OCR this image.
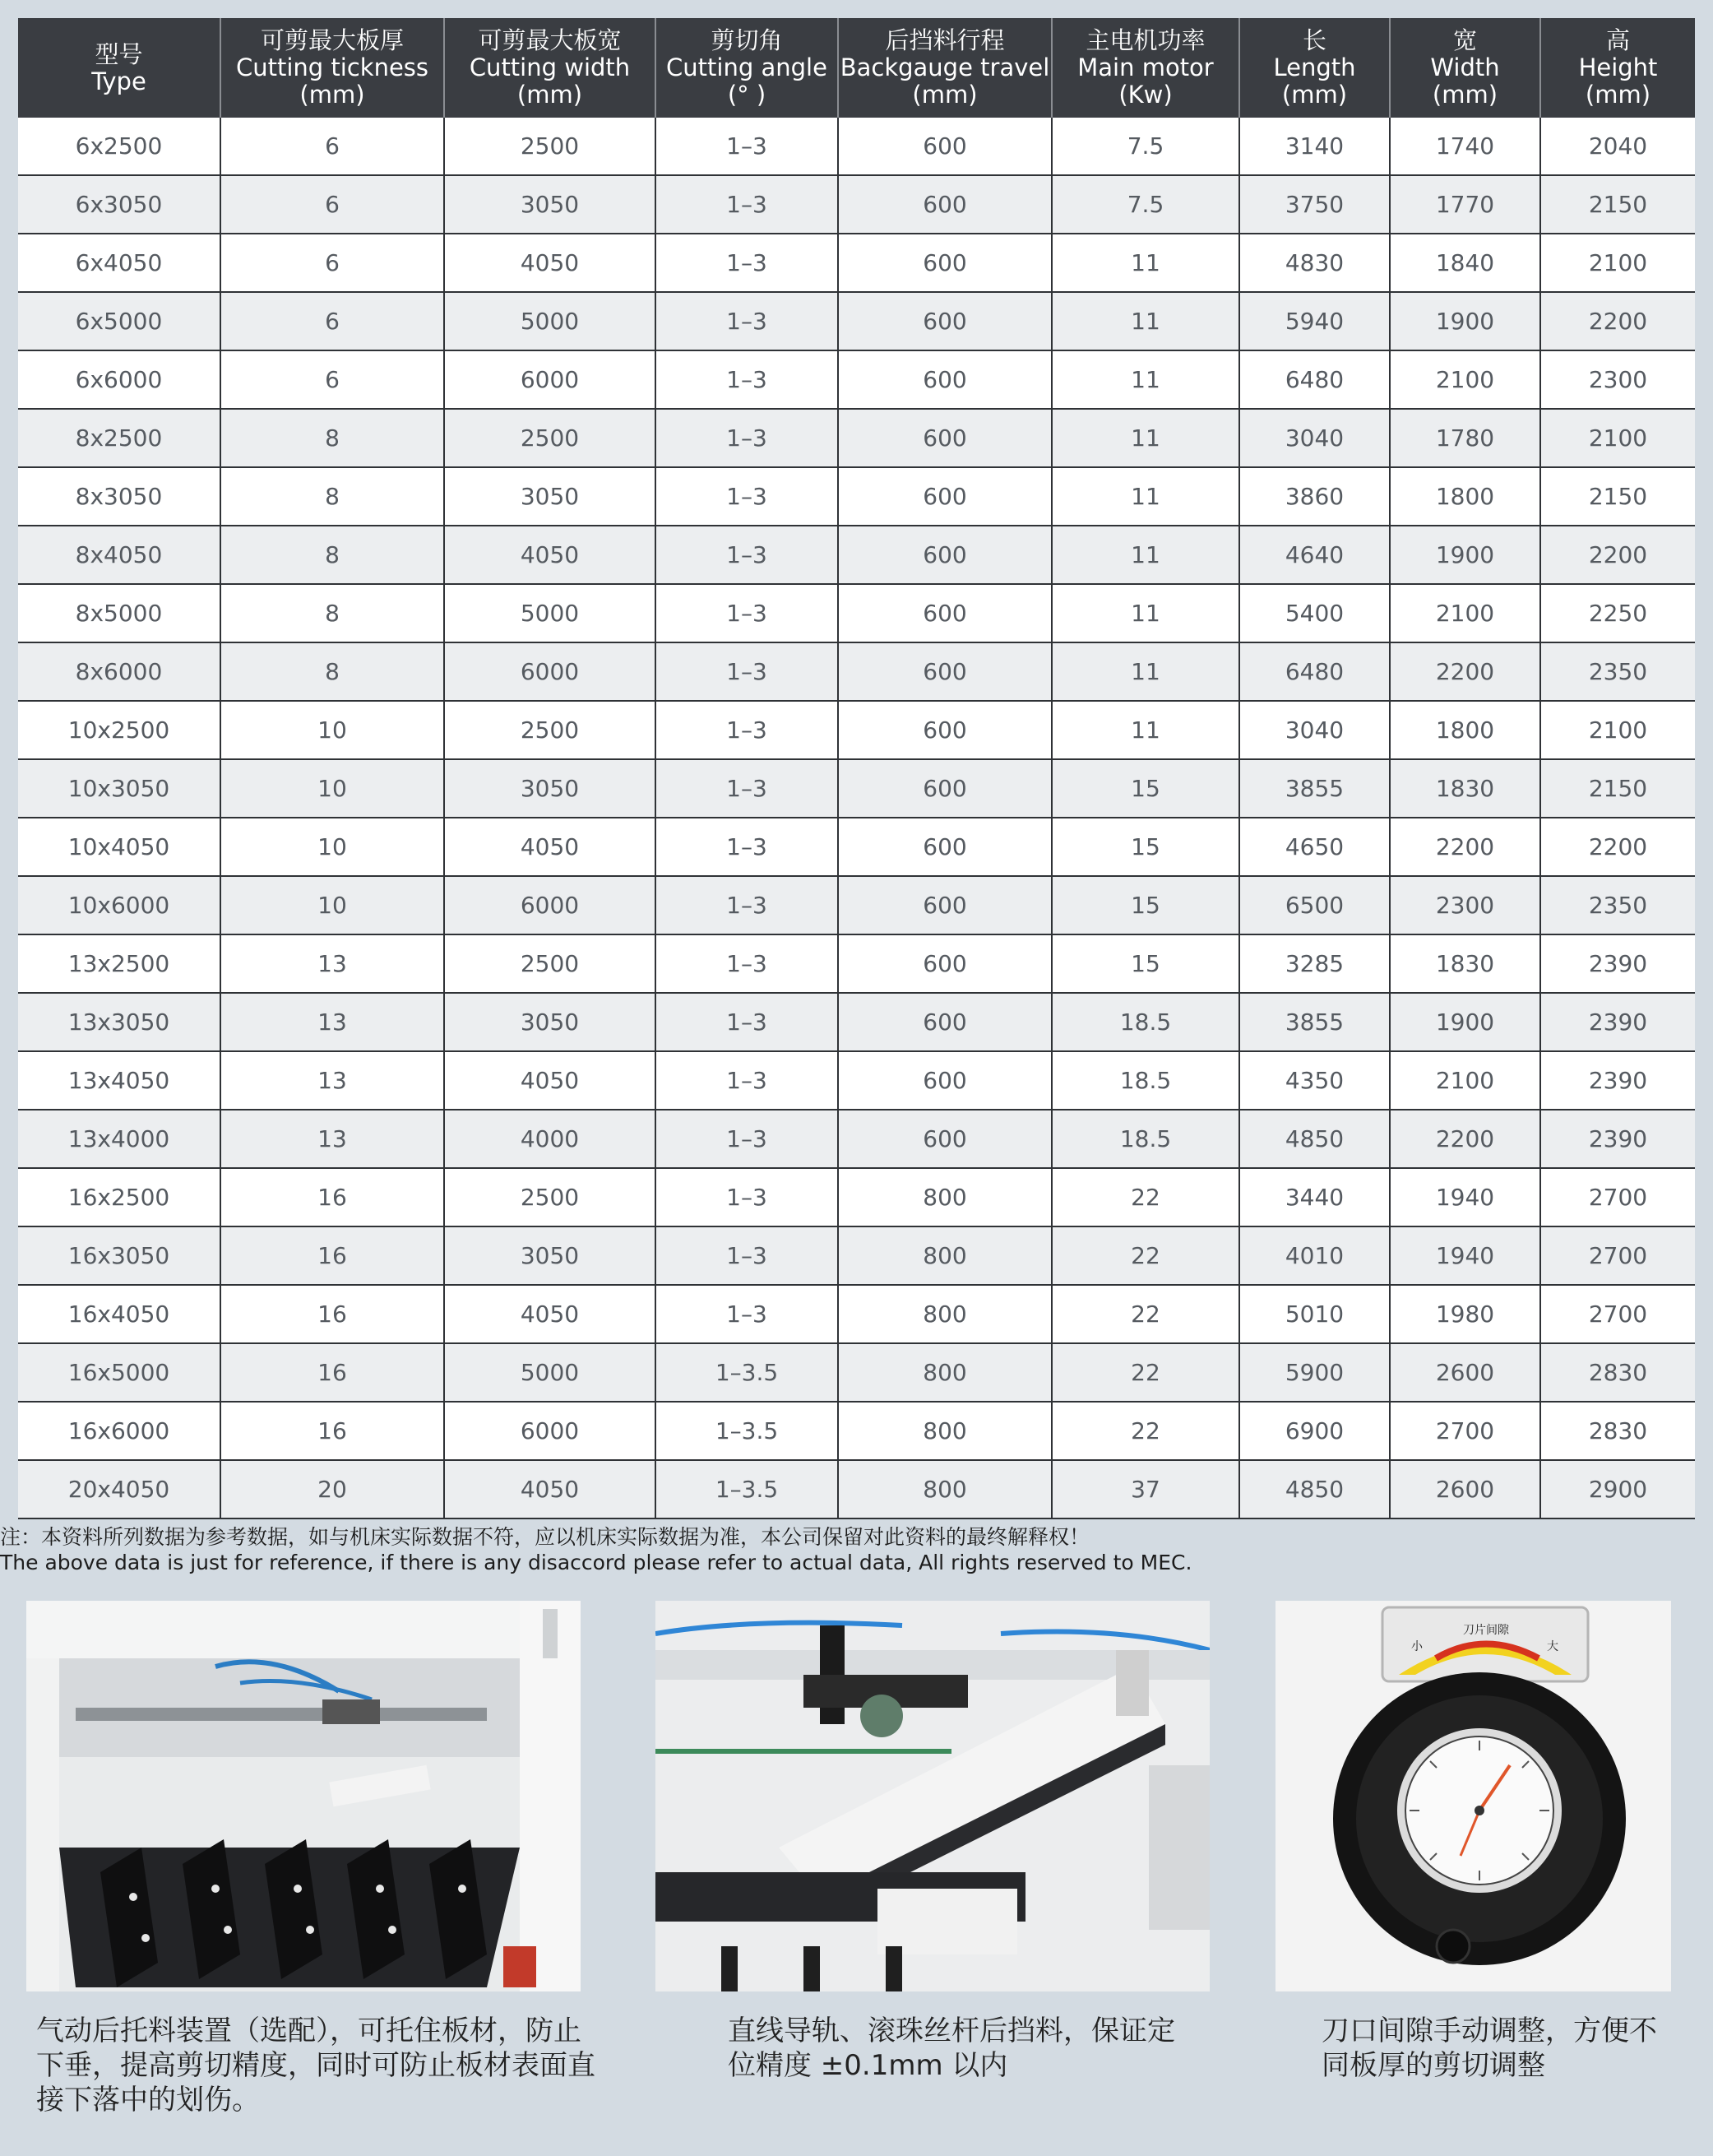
型号
Type	可剪最大板厚
Cutting tickness
(mm)	可剪最大板宽
Cutting width
(mm)	剪切角
Cutting angle
(° )	后挡料行程
Backgauge travel
(mm)	主电机功率
Main motor
(Kw)	长
Length
(mm)	宽
Width
(mm)	高
Height
(mm)

6x2500	6	2500	1–3	600	7.5	3140	1740	2040
6x3050	6	3050	1–3	600	7.5	3750	1770	2150
6x4050	6	4050	1–3	600	11	4830	1840	2100
6x5000	6	5000	1–3	600	11	5940	1900	2200
6x6000	6	6000	1–3	600	11	6480	2100	2300
8x2500	8	2500	1–3	600	11	3040	1780	2100
8x3050	8	3050	1–3	600	11	3860	1800	2150
8x4050	8	4050	1–3	600	11	4640	1900	2200
8x5000	8	5000	1–3	600	11	5400	2100	2250
8x6000	8	6000	1–3	600	11	6480	2200	2350
10x2500	10	2500	1–3	600	11	3040	1800	2100
10x3050	10	3050	1–3	600	15	3855	1830	2150
10x4050	10	4050	1–3	600	15	4650	2200	2200
10x6000	10	6000	1–3	600	15	6500	2300	2350
13x2500	13	2500	1–3	600	15	3285	1830	2390
13x3050	13	3050	1–3	600	18.5	3855	1900	2390
13x4050	13	4050	1–3	600	18.5	4350	2100	2390
13x4000	13	4000	1–3	600	18.5	4850	2200	2390
16x2500	16	2500	1–3	800	22	3440	1940	2700
16x3050	16	3050	1–3	800	22	4010	1940	2700
16x4050	16	4050	1–3	800	22	5010	1980	2700
16x5000	16	5000	1–3.5	800	22	5900	2600	2830
16x6000	16	6000	1–3.5	800	22	6900	2700	2830
20x4050	20	4050	1–3.5	800	37	4850	2600	2900
注：本资料所列数据为参考数据，如与机床实际数据不符，应以机床实际数据为准，本公司保留对此资料的最终解释权！
The above data is just for reference, if there is any disaccord please refer to actual data, All rights reserved to MEC.
刀片间隙
小	大
气动后托料装置（选配），可托住板材，防止下垂，提高剪切精度，同时可防止板材表面直接下落中的划伤。
直线导轨、滚珠丝杆后挡料，保证定位精度 ±0.1mm 以内
刀口间隙手动调整，方便不同板厚的剪切调整
